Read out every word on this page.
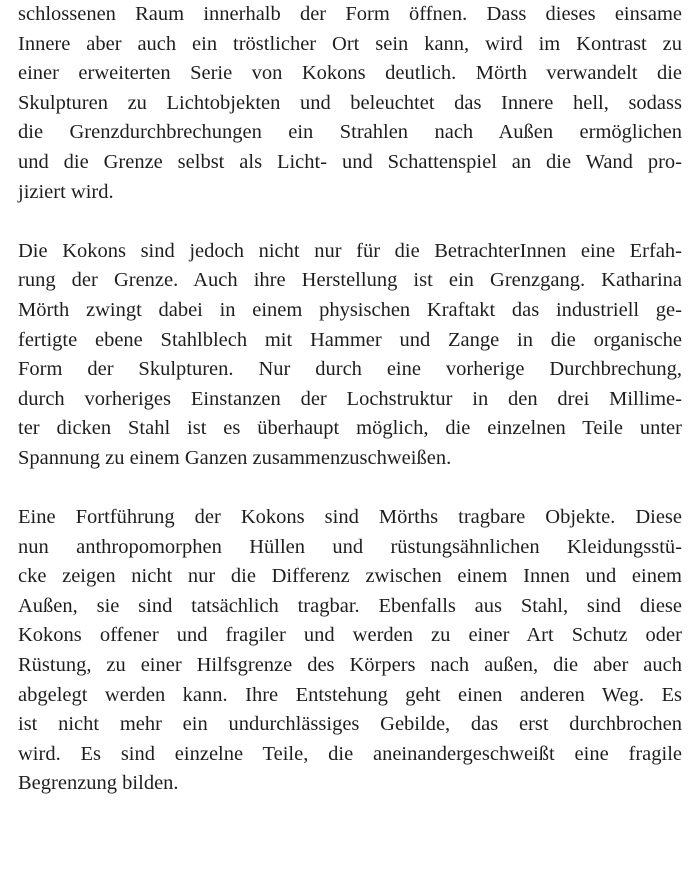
schlossenen Raum innerhalb der Form öffnen. Dass dieses einsame
Innere aber auch ein tröstlicher Ort sein kann, wird im Kontrast zu
einer erweiterten Serie von Kokons deutlich. Mörth verwandelt die
Skulpturen zu Lichtobjekten und beleuchtet das Innere hell, sodass
die Grenzdurchbrechungen ein Strahlen nach Außen ermöglichen
und die Grenze selbst als Licht- und Schattenspiel an die Wand pro-
jiziert wird.

Die Kokons sind jedoch nicht nur für die BetrachterInnen eine Erfah-
rung der Grenze. Auch ihre Herstellung ist ein Grenzgang. Katharina
Mörth zwingt dabei in einem physischen Kraftakt das industriell ge-
fertigte ebene Stahlblech mit Hammer und Zange in die organische
Form der Skulpturen. Nur durch eine vorherige Durchbrechung,
durch vorheriges Einstanzen der Lochstruktur in den drei Millime-
ter dicken Stahl ist es überhaupt möglich, die einzelnen Teile unter
Spannung zu einem Ganzen zusammenzuschweißen.

Eine Fortführung der Kokons sind Mörths tragbare Objekte. Diese
nun anthropomorphen Hüllen und rüstungsähnlichen Kleidungsstü-
cke zeigen nicht nur die Differenz zwischen einem Innen und einem
Außen, sie sind tatsächlich tragbar. Ebenfalls aus Stahl, sind diese
Kokons offener und fragiler und werden zu einer Art Schutz oder
Rüstung, zu einer Hilfsgrenze des Körpers nach außen, die aber auch
abgelegt werden kann. Ihre Entstehung geht einen anderen Weg. Es
ist nicht mehr ein undurchlässiges Gebilde, das erst durchbrochen
wird. Es sind einzelne Teile, die aneinandergeschweißt eine fragile
Begrenzung bilden.
